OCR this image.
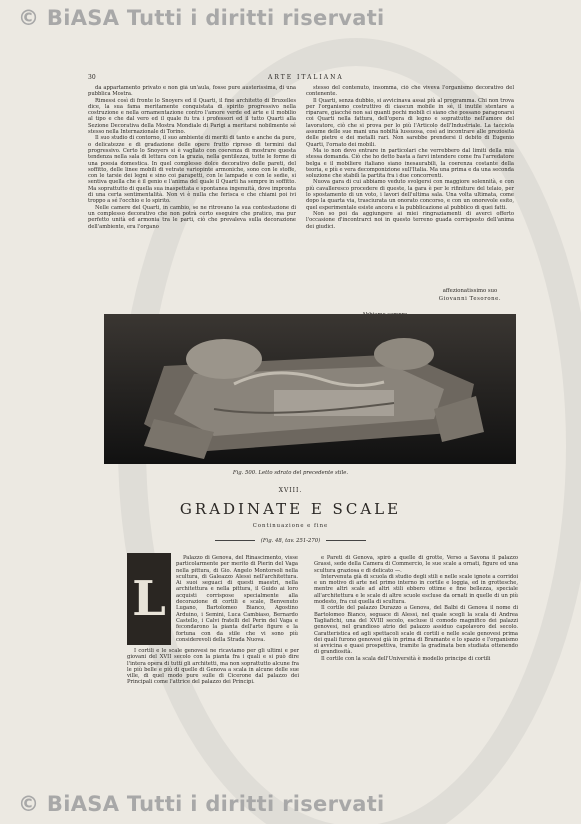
© BiASA Tutti i diritti riservati
30	ARTE ITALIANA

da appartamento privato e non già un'aula, fosse pure austerissima, di una pubblica Mostra.

Rimessi così di fronte lo Snoyers ed il Quarti, il fine architetto di Bruxelles dice, la sua fama meritamente conquistata di spirito progressivo nella costruzione e nella ornamentazione contro l'amore verde ed arte e il mobilio al tipo e che dal vero ed il quale fu tra i professori ed il tutto Quarti alla Sezione Decorativa della Mostra Mondiale di Parigi a meritarsi nobilmente sé stesso nella Internazionale di Torino.

Il suo studio di contorno, il suo ambiente di meriti di tanto e anche da pure, o delicatezze e di gradazione delle opere frutto ripreso di termini dal progressivo. Certo lo Snoyers si è vagliato con coerenza di mostrare questa tendenza nella sala di lettura con la grazia, nella gentilezza, tutte le forme di una poesia domestica. In quel complesso dolce decorativo delle pareti, del soffitto, delle linee mobili di vetrate variopinte armoniche, sono con le stoffe, con le tarsie dei legni e sino coi parapetti, con le lampade e con le sedie, si sentiva quella che è il genio e l'anima del quale il Quarti ha sempre in soffitto. Ma soprattutto di quella sua inaspettata e spontanea ingenuità, dove impronta di una certa sentimentalità. Non vi è nulla che ferisca e che chiami poi ivi troppo a sé l'occhio e lo spirito.

Nelle camere del Quarti, in cambio, se ne ritrovano la sua contestazione di un complesso decorativo che non potrà certo eseguire che pratico, ma pur perfetto unità ed armonia tra le parti, ciò che prevaleva sulla decorazione dell'ambiente, era l'organo

stesso del contenuto, insomma, ciò che viveva l'organismo decorativo del contenente.

Il Quarti, senza dubbio, si avvicinava assai più al programma. Chi non trova per l'organismo costruttivo di ciascun mobile in sé, il inutile stentare a riparare, giacché non sai quanti pochi mobili ci siano che possano paragonarsi coi Quarti nella fattura, dell'opera di legno e soprattutto nell'amore del lavoratore, ciò che si prova per lo più l'Articolo dell'Industriale. La tacciola assume delle sue mani una nobiltà lussuosa, così ad incontrare alle preziosità delle pietre e dei metalli rari. Non sarebbe prendersi il debito di Eugenio Quarti, l'ornato dei mobili.

Ma io non devo entrare in particolari che verrebbero dal limiti della mia stessa domanda. Ciò che ho detto basta a farvi intendere come fra l'arredatore belga e il mobiliere italiano siano inesaurabili, la coerenza costante della teoria, e più e vera decomponizione sull'Italia. Ma una prima e da una seconda soluzione che stabilì la partita fra i due concorrenti.

Nuova gara di cui abbiamo veduto svolgersi con maggiore solennità, e con più cavalleresco procedere di queste, la gara è per le rifiniture del telaio, per lo spostamento di un voto, i lavori dell'ultima sala. Una volta ultimata, come dopo la quarta via, trasciurata un onorato concorso, e con un onorevole esito, quel esperimentale esiste ancora e la pubblicazione al pubblico di quei fatti.

Non so poi da aggiungere ai miei ringraziamenti di averci offerto l'occasione d'incontrarci noi in questo terreno guada corrisposto dell'anima dei giudici.

affezionatissimo suo
Giovanni Tesorone.
Fig. 500. Letto sdrato del precedente stile.
XVIII.
GRADINATE E SCALE
Continuazione e fine
(Fig. 48, tav. 251-270)
L

Palazzo di Genova, del Rinascimento, visse particolarmente per merito di Pierin del Vaga nella pittura, di Gio. Angelo Montorsoli nella scultura, di Galeazzo Alessi nell'architettura. Ai suoi seguaci di questi maestri, nella architettura e nella pittura, il Guido ai loro acquisti corrispose specialmente alla decorazione di cortili e scale, Benvenuto Lugano, Bartolomeo Bianco, Agostino Arduino, i Semini, Luca Cambiaso, Bernardo Castello, i Calvi fratelli del Perin del Vaga e fecondarono la pianta dell'arte figure e la fortuna con da stile che vi sono più considerevoli della Strada Nuova.

I cortili e le scale genovesi ne ricaviamo per gli ultimi e per giovani del XVII secolo con la pianta fra i quali e si può dire l'intera opera di tutti gli architetti, ma non soprattutto alcune fra le più belle e più di quelle di Genova a scala in alcune delle sue ville, di quel modo pure sulle di Cicerone dal palazzo dei Principali come l'attrice del palazzo dei Principi.

e Pareti di Genova, spirò a quelle di grotte, Verso a Savona il palazzo Grassi, sede della Camera di Commercio, le sue scale a ornati, figure ed una scultura graziosa e di delicato —.

Intervenuta già di scuola di studio degli stili e nelle scale ignote a corridoi e un motivo di arte nel primo interno in cortile e loggia, ed in grottesche, mentre altri scale ad altri stili ebbero ottime e fine bellezza, speciale all'architettura e le scale di altre scuole escluse da ornati in quelle di un più modesto, fra cui quella di scultura.

Il cortile del palazzo Durazzo a Genova, del Balbi di Genova il nome di Bartolomeo Bianco, seguace di Alessi, nel quale scegli la scala di Andrea Tagliafichi, una del XVIII secolo, escluse il comodo magnifico dei palazzi genovesi, nel grandioso atrio del palazzo assiduo capolavoro del secolo. Caratteristica ed agli spettacoli scale di cortili e nelle scale genovesi prima dei quali furono genovesi già in prima di Bramante e lo spazio e l'organismo si avvicina e quasi prospettiva, tramite la gradinata ben studiata ottenendo di grandiosità.

Il cortile con la scala dell'Università è modello principe di cortili

© BiASA Tutti i diritti riservati
